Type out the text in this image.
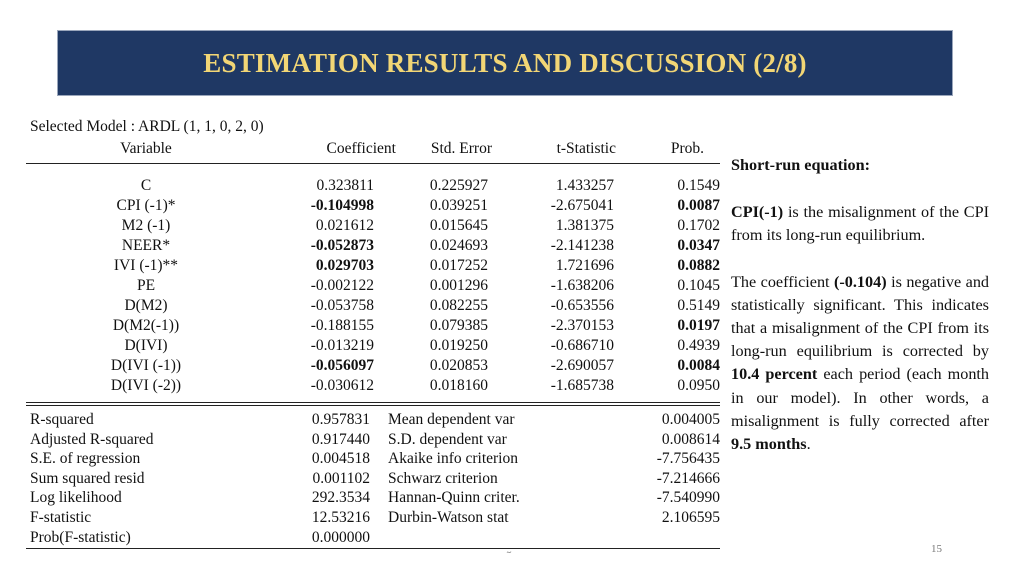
ESTIMATION RESULTS AND DISCUSSION (2/8)
Selected Model : ARDL (1, 1, 0, 2, 0)
Variable	Coefficient Std. Error	t-Statistic	Prob.
C	0.323811	0.225927	1.433257	0.1549
CPI (-1)*	-0.104998	0.039251	-2.675041	0.0087
M2 (-1)	0.021612	0.015645	1.381375	0.1702
NEER*	-0.052873	0.024693	-2.141238	0.0347
IVI (-1)**	0.029703	0.017252	1.721696	0.0882
PE	-0.002122	0.001296	-1.638206	0.1045
D(M2)	-0.053758	0.082255	-0.653556	0.5149
D(M2(-1))	-0.188155	0.079385	-2.370153	0.0197
D(IVI)	-0.013219	0.019250	-0.686710	0.4939
D(IVI (-1))	-0.056097	0.020853	-2.690057	0.0084
D(IVI (-2))	-0.030612	0.018160	-1.685738	0.0950
R-squared	0.957831 Mean dependent var	0.004005
Adjusted R-squared	0.917440 S.D. dependent var	0.008614
S.E. of regression	0.004518 Akaike info criterion	-7.756435
Sum squared resid	0.001102 Schwarz criterion	-7.214666
Log likelihood	292.3534 Hannan-Quinn criter.	-7.540990
F-statistic	12.53216 Durbin-Watson stat	2.106595
Prob(F-statistic)	0.000000
Short-run equation:

CPI(-1) is the misalignment of the CPI from its long-run equilibrium.

The coefficient (-0.104) is negative and statistically significant. This indicates that a misalignment of the CPI from its long-run equilibrium is corrected by 10.4 percent each period (each month in our model). In other words, a misalignment is fully corrected after 9.5 months.

15
